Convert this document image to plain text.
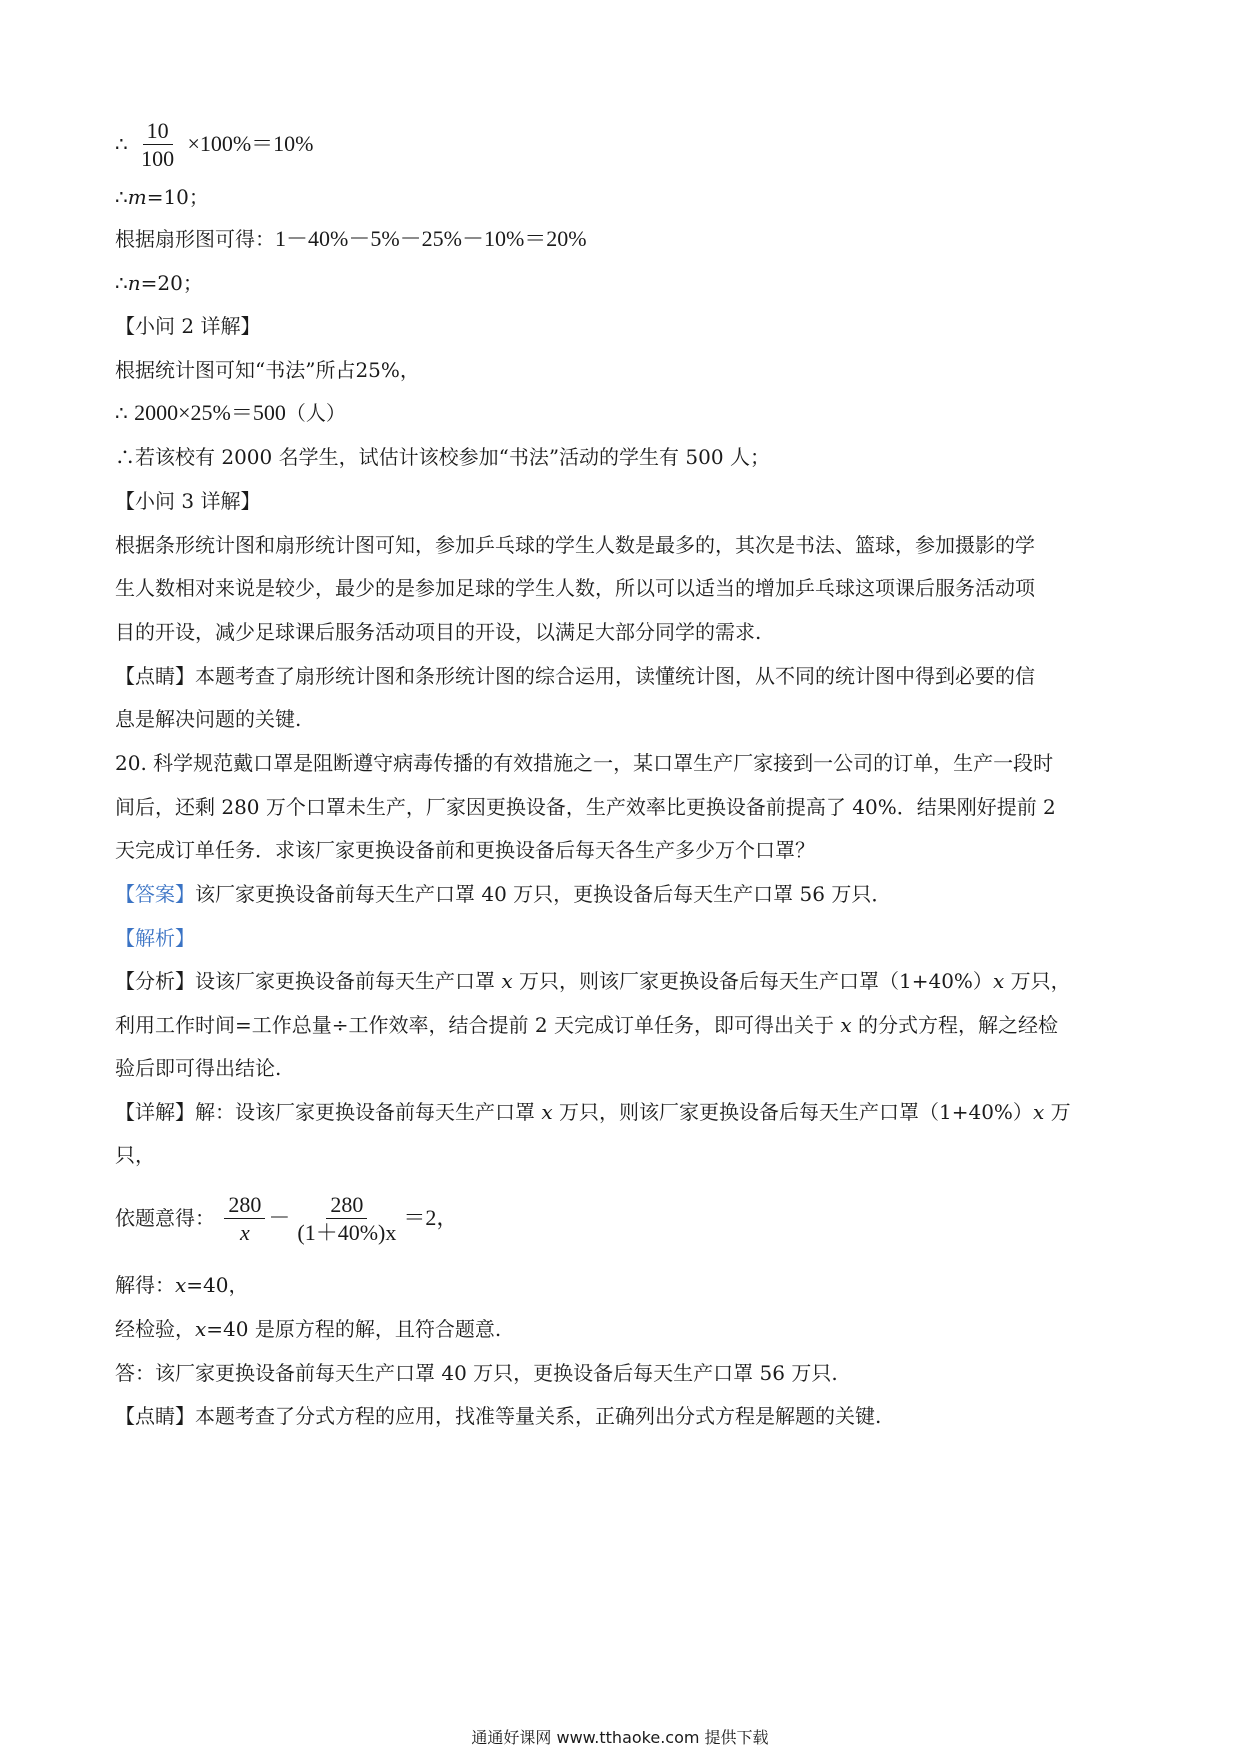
∴ $\frac{10}{100} \times 100\%=10\%$
∴m=10；
根据扇形图可得：1－40%－5%－25%－10%＝20%
∴n=20；
【小问 2 详解】
根据统计图可知“书法”所占25%，
∴ 2000×25%＝500（人）
∴若该校有 2000 名学生，试估计该校参加“书法”活动的学生有 500 人；
【小问 3 详解】
根据条形统计图和扇形统计图可知，参加乒乓球的学生人数是最多的，其次是书法、篮球，参加摄影的学
生人数相对来说是较少，最少的是参加足球的学生人数，所以可以适当的增加乒乓球这项课后服务活动项
目的开设，减少足球课后服务活动项目的开设，以满足大部分同学的需求.
【点睛】本题考查了扇形统计图和条形统计图的综合运用，读懂统计图，从不同的统计图中得到必要的信
息是解决问题的关键.
20. 科学规范戴口罩是阻断遵守病毒传播的有效措施之一，某口罩生产厂家接到一公司的订单，生产一段时
间后，还剩 280 万个口罩未生产，厂家因更换设备，生产效率比更换设备前提高了 40%．结果刚好提前 2
天完成订单任务．求该厂家更换设备前和更换设备后每天各生产多少万个口罩？
【答案】该厂家更换设备前每天生产口罩 40 万只，更换设备后每天生产口罩 56 万只．
【解析】
【分析】设该厂家更换设备前每天生产口罩 x 万只，则该厂家更换设备后每天生产口罩（1+40%）x 万只，
利用工作时间=工作总量÷工作效率，结合提前 2 天完成订单任务，即可得出关于 x 的分式方程，解之经检
验后即可得出结论.
【详解】解：设该厂家更换设备前每天生产口罩 x 万只，则该厂家更换设备后每天生产口罩（1+40%）x 万
只，
依题意得： $\frac{280}{x} - \frac{280}{(1+40\%)x} =2$，
解得：x=40，
经检验，x=40 是原方程的解，且符合题意.
答：该厂家更换设备前每天生产口罩 40 万只，更换设备后每天生产口罩 56 万只.
【点睛】本题考查了分式方程的应用，找准等量关系，正确列出分式方程是解题的关键.
通通好课网 www.tthaoke.com 提供下载
